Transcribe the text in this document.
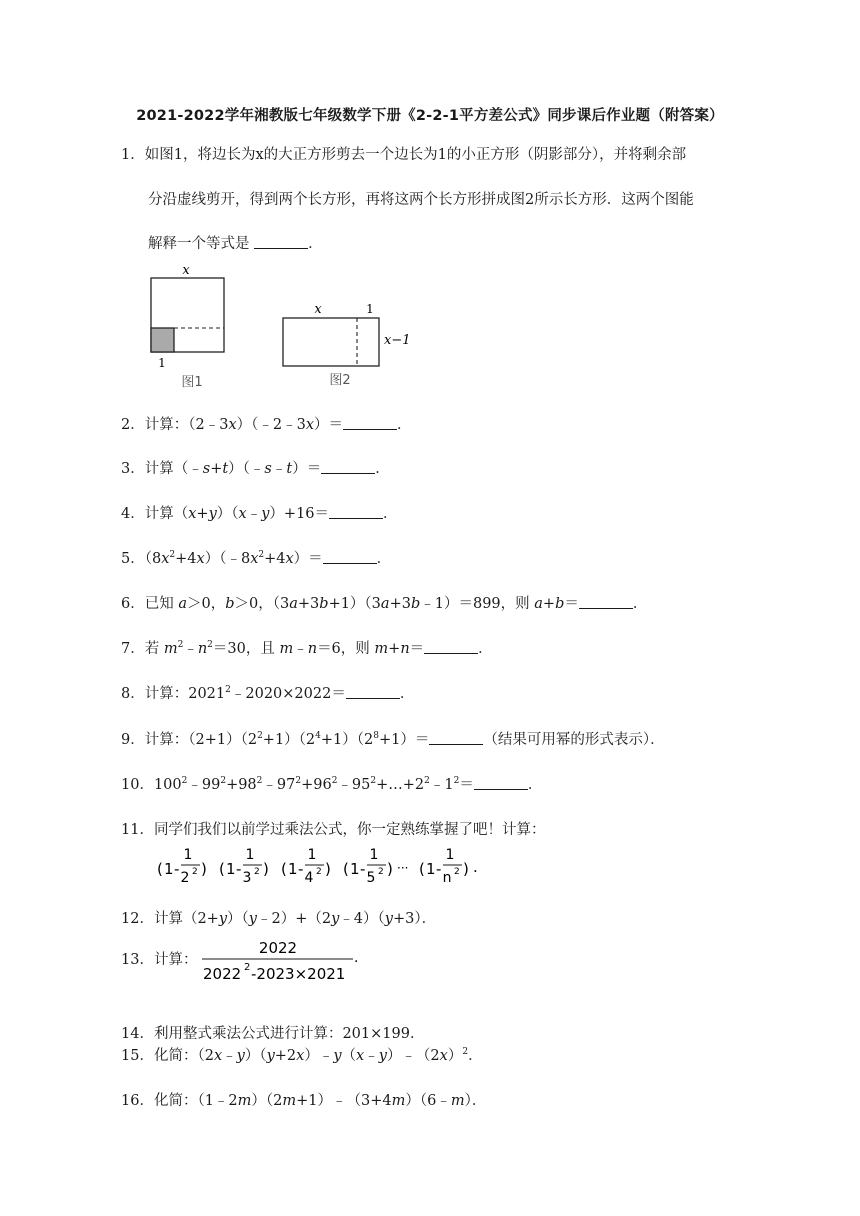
2021-2022学年湘教版七年级数学下册《2-2-1平方差公式》同步课后作业题（附答案）
1．如图1，将边长为x的大正方形剪去一个边长为1的小正方形（阴影部分），并将剩余部
分沿虚线剪开，得到两个长方形，再将这两个长方形拼成图2所示长方形．这两个图能
解释一个等式是	．
x
1
图1
x	1
x−1
图2
2．计算：（2﹣3x）（﹣2﹣3x）＝	．
3．计算（﹣s+t）（﹣s﹣t）＝	．
4．计算（x+y）（x﹣y）+16＝	．
5．$(8x^2+4x)(﹣8x^2+4x)=$	．
6．已知 a＞0，b＞0，（3a+3b+1）（3a+3b﹣1）＝899，则 a+b＝	．
7．若 $m^2﹣n^2=30$，且 m﹣n＝6，则 m+n＝	．
8．计算：$2021^2﹣2020\times 2022=$	．
9．计算：$(2+1)(2^2+1)(2^4+1)(2^8+1)=$	（结果可用幂的形式表示）．
10．$100^2﹣99^2+98^2﹣97^2+96^2﹣95^2+\dots+2^2﹣1^2=$	．
11．同学们我们以前学过乘法公式，你一定熟练掌握了吧！计算：
( 1 -
1
2 2 ) ( 1 -
1
3 2 ) ( 1 -
1
4 2 ) ( 1 -
1
5 2 ) ( 1 -
1
n 2 )
···	.
12．计算（2+y）（y﹣2）+（2y﹣4）（y+3）．
13．计算：
2022
2022 2 -2023×2021
.
14．利用整式乘法公式进行计算：201×199．
15．化简：$(2x﹣y)(y+2x)﹣y(x﹣y)﹣(2x)^2$．
16．化简：（1﹣2m）（2m+1）﹣（3+4m）（6﹣m）．
